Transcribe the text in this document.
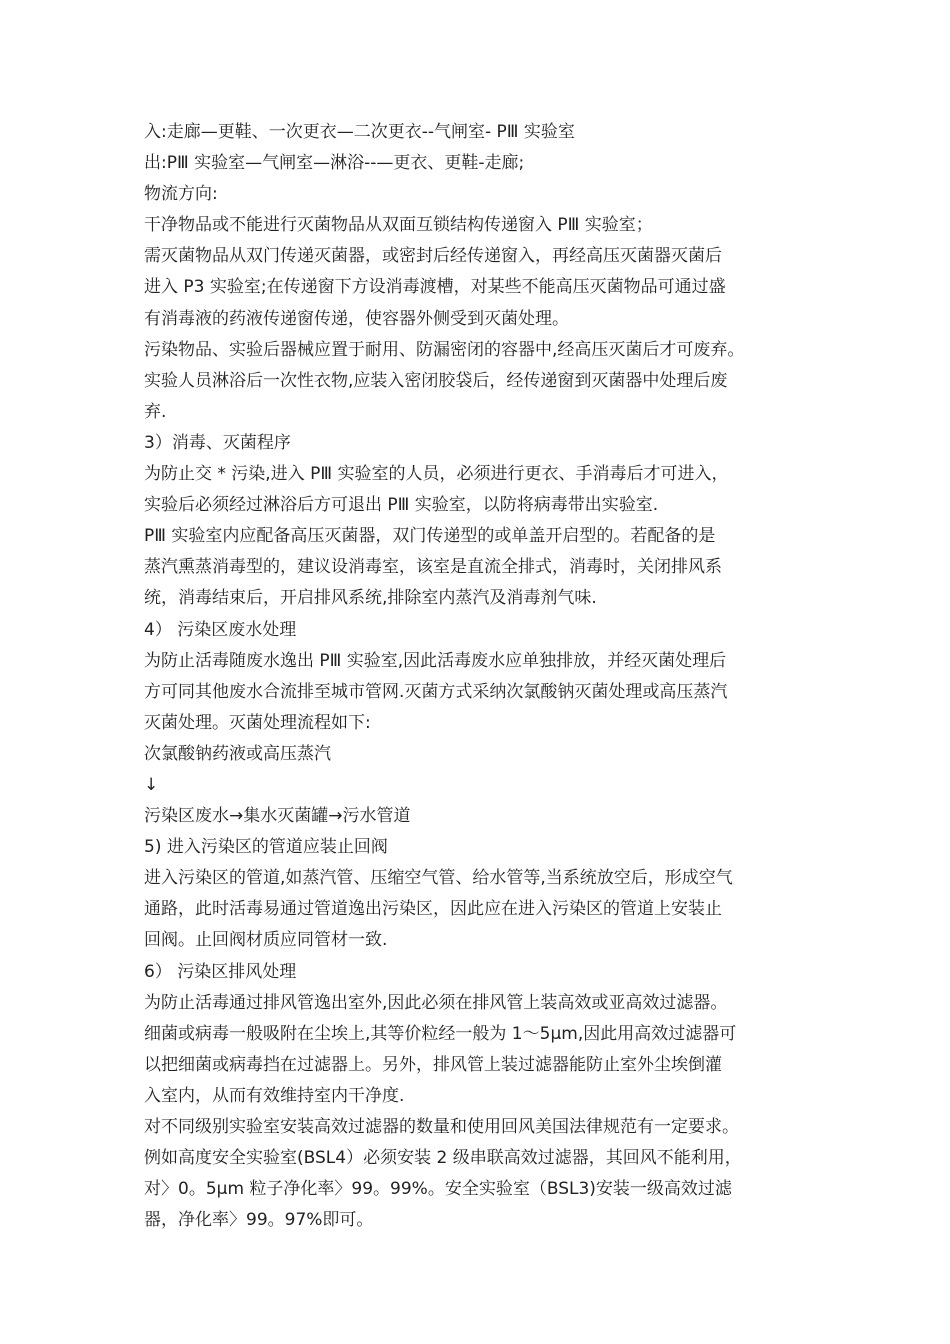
入:走廊—更鞋、一次更衣—二次更衣--气闸室- PⅢ 实验室
出:PⅢ 实验室—气闸室—淋浴--—更衣、更鞋-走廊;
物流方向:
干净物品或不能进行灭菌物品从双面互锁结构传递窗入 PⅢ 实验室；
需灭菌物品从双门传递灭菌器，或密封后经传递窗入，再经高压灭菌器灭菌后
进入 P3 实验室;在传递窗下方设消毒渡槽，对某些不能高压灭菌物品可通过盛
有消毒液的药液传递窗传递，使容器外侧受到灭菌处理。
污染物品、实验后器械应置于耐用、防漏密闭的容器中,经高压灭菌后才可废弃。
实验人员淋浴后一次性衣物,应装入密闭胶袋后，经传递窗到灭菌器中处理后废
弃.
3）消毒、灭菌程序
为防止交 * 污染,进入 PⅢ 实验室的人员，必须进行更衣、手消毒后才可进入，
实验后必须经过淋浴后方可退出 PⅢ 实验室，以防将病毒带出实验室.
PⅢ 实验室内应配备高压灭菌器，双门传递型的或单盖开启型的。若配备的是
蒸汽熏蒸消毒型的，建议设消毒室，该室是直流全排式，消毒时，关闭排风系
统，消毒结束后，开启排风系统,排除室内蒸汽及消毒剂气味.
4） 污染区废水处理
为防止活毒随废水逸出 PⅢ 实验室,因此活毒废水应单独排放，并经灭菌处理后
方可同其他废水合流排至城市管网.灭菌方式采纳次氯酸钠灭菌处理或高压蒸汽
灭菌处理。灭菌处理流程如下:
次氯酸钠药液或高压蒸汽
↓
污染区废水→集水灭菌罐→污水管道
5) 进入污染区的管道应装止回阀
进入污染区的管道,如蒸汽管、压缩空气管、给水管等,当系统放空后，形成空气
通路，此时活毒易通过管道逸出污染区，因此应在进入污染区的管道上安装止
回阀。止回阀材质应同管材一致.
6） 污染区排风处理
为防止活毒通过排风管逸出室外,因此必须在排风管上装高效或亚高效过滤器。
细菌或病毒一般吸附在尘埃上,其等价粒经一般为 1～5μm,因此用高效过滤器可
以把细菌或病毒挡在过滤器上。另外，排风管上装过滤器能防止室外尘埃倒灌
入室内，从而有效维持室内干净度.
对不同级别实验室安装高效过滤器的数量和使用回风美国法律规范有一定要求。
例如高度安全实验室(BSL4）必须安装 2 级串联高效过滤器，其回风不能利用，
对〉0。5μm 粒子净化率〉99。99%。安全实验室（BSL3)安装一级高效过滤
器，净化率〉99。97%即可。
